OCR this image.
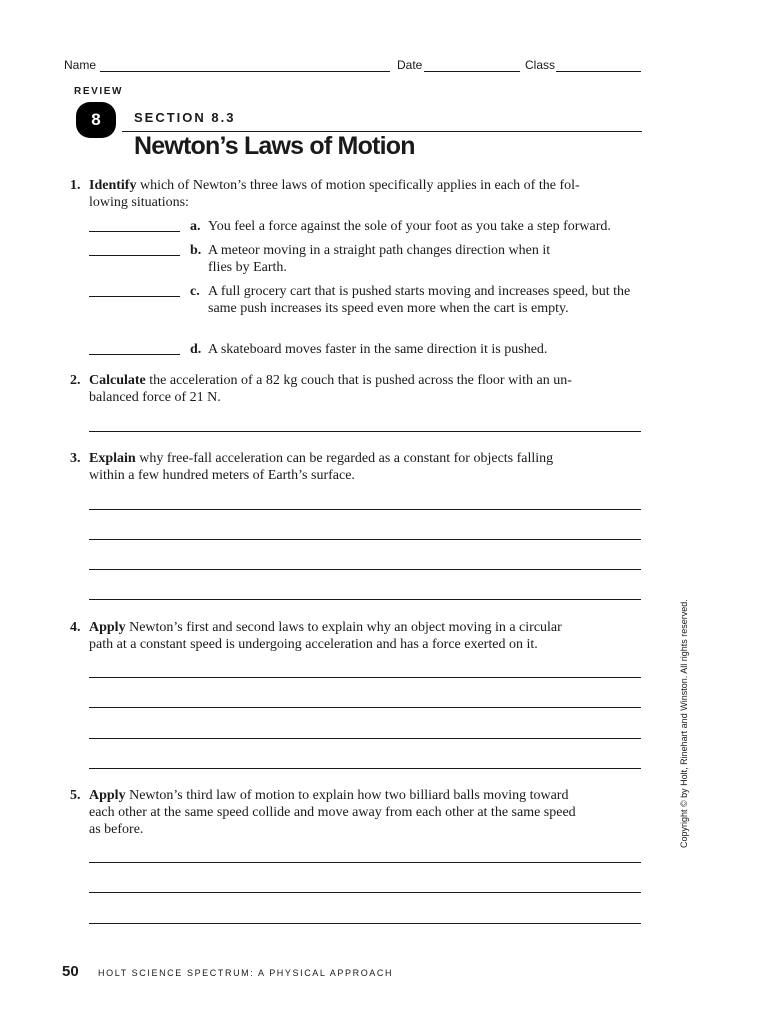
Name	Date	Class
REVIEW
8	SECTION 8.3
Newton’s Laws of Motion
1. Identify which of Newton’s three laws of motion specifically applies in each of the fol-
lowing situations:
a. You feel a force against the sole of your foot as you take a step forward.
b. A meteor moving in a straight path changes direction when it flies by Earth.
c. A full grocery cart that is pushed starts moving and increases speed, but the same push increases its speed even more when the cart is empty.
d. A skateboard moves faster in the same direction it is pushed.
2. Calculate the acceleration of a 82 kg couch that is pushed across the floor with an un-
balanced force of 21 N.
3. Explain why free-fall acceleration can be regarded as a constant for objects falling
within a few hundred meters of Earth’s surface.
4. Apply Newton’s first and second laws to explain why an object moving in a circular
path at a constant speed is undergoing acceleration and has a force exerted on it.
5. Apply Newton’s third law of motion to explain how two billiard balls moving toward
each other at the same speed collide and move away from each other at the same speed
as before.	Copyright © by Holt, Rinehart and Winston. All rights reserved.
50 HOLT SCIENCE SPECTRUM: A PHYSICAL APPROACH
